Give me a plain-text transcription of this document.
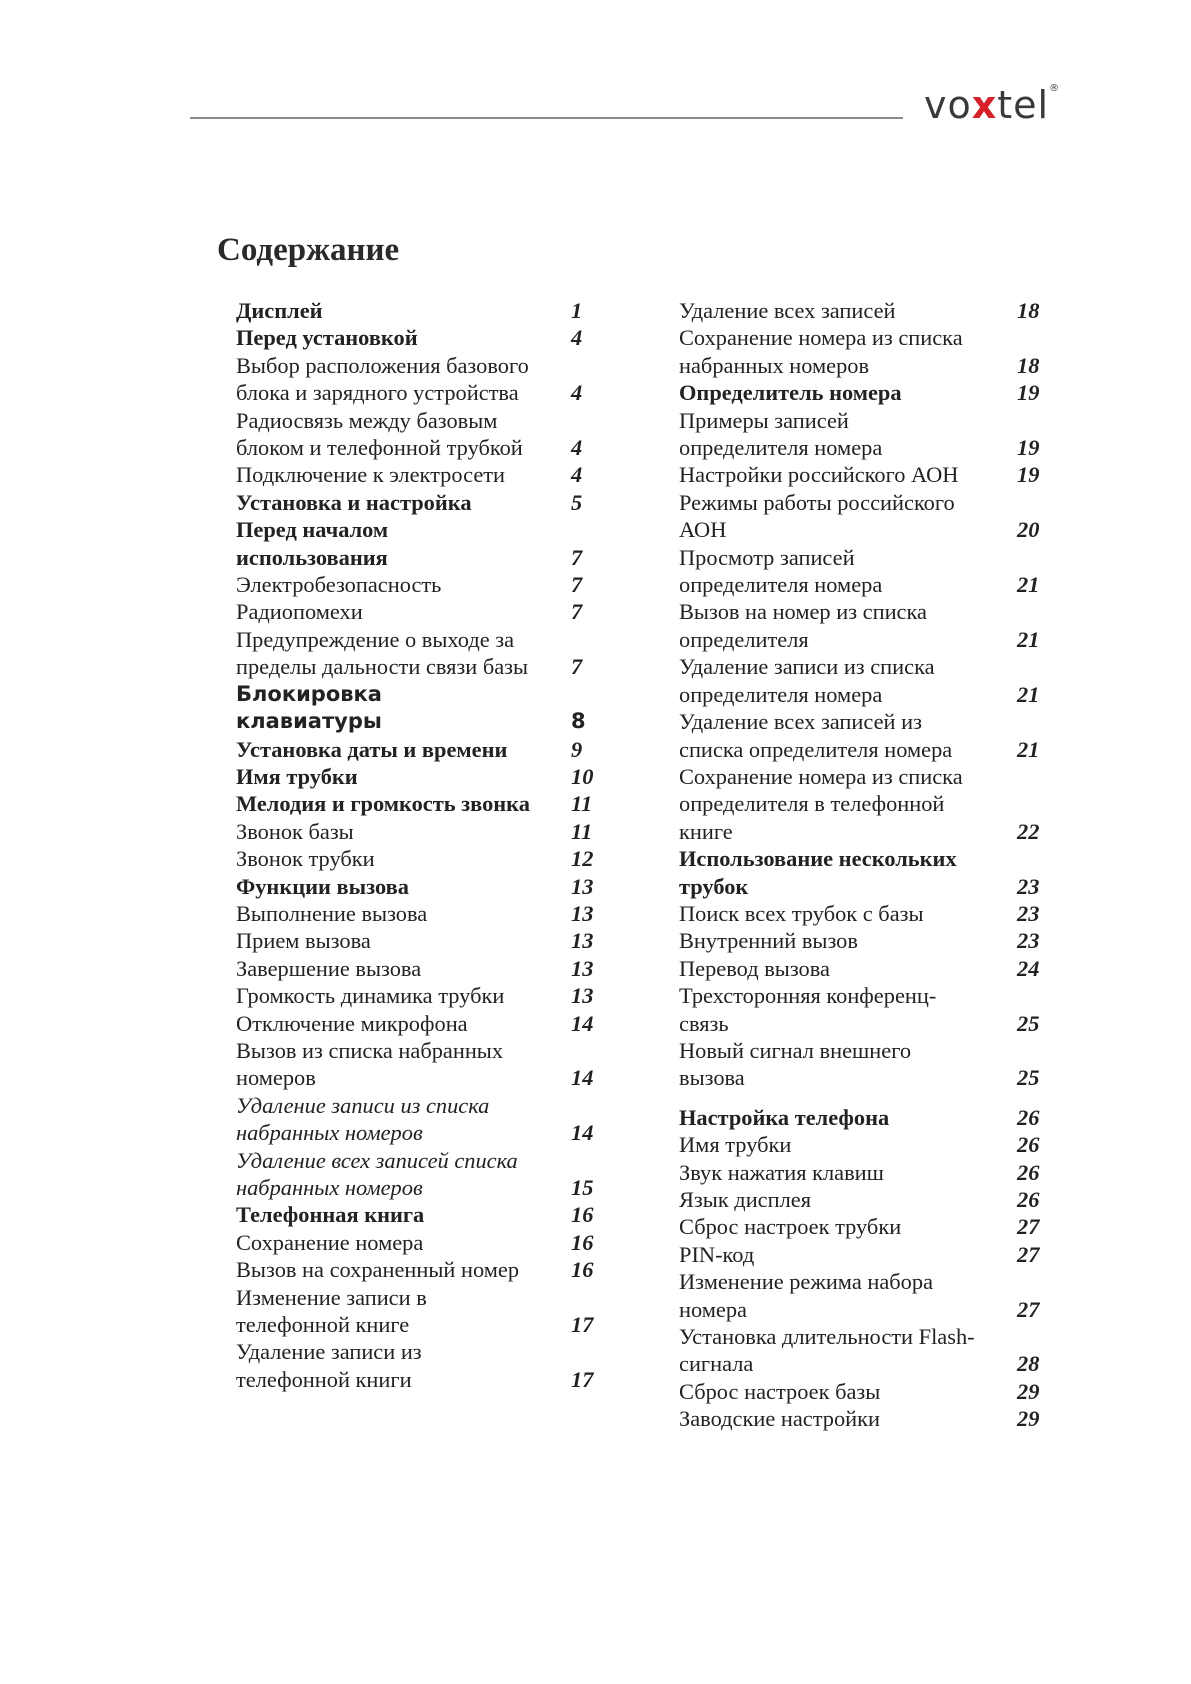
voxtel®
Содержание
Дисплей	1
Перед установкой	4
Выбор расположения базового блока и зарядного устройства	4
Радиосвязь между базовым блоком и телефонной трубкой	4
Подключение к электросети	4
Установка и настройка	5
Перед началом использования	7
Электробезопасность	7
Радиопомехи	7
Предупреждение о выходе за пределы дальности связи базы 7
Блокировка клавиатуры	8
Установка даты и времени	9
Имя трубки	10
Мелодия и громкость звонка 11
Звонок базы	11
Звонок трубки	12
Функции вызова	13
Выполнение вызова	13
Прием вызова	13
Завершение вызова	13
Громкость динамика трубки	13
Отключение микрофона	14
Вызов из списка набранных номеров	14
Удаление записи из списка набранных номеров	14
Удаление всех записей списка набранных номеров	15
Телефонная книга	16
Сохранение номера	16
Вызов на сохраненный номер	16
Изменение записи в телефонной книге	17
Удаление записи из телефонной книги	17
Удаление всех записей	18
Сохранение номера из списка набранных номеров	18
Определитель номера	19
Примеры записей определителя номера	19
Настройки российского АОН	19
Режимы работы российского АОН	20
Просмотр записей определителя номера	21
Вызов на номер из списка определителя	21
Удаление записи из списка определителя номера	21
Удаление всех записей из списка определителя номера	21
Сохранение номера из списка определителя в телефонной книге	22
Использование нескольких трубок	23
Поиск всех трубок с базы	23
Внутренний вызов	23
Перевод вызова	24
Трехсторонняя конференц-связь	25
Новый сигнал внешнего вызова	25
Настройка телефона	26
Имя трубки	26
Звук нажатия клавиш	26
Язык дисплея	26
Сброс настроек трубки	27
PIN-код	27
Изменение режима набора номера	27
Установка длительности Flash-сигнала	28
Сброс настроек базы	29
Заводские настройки	29
